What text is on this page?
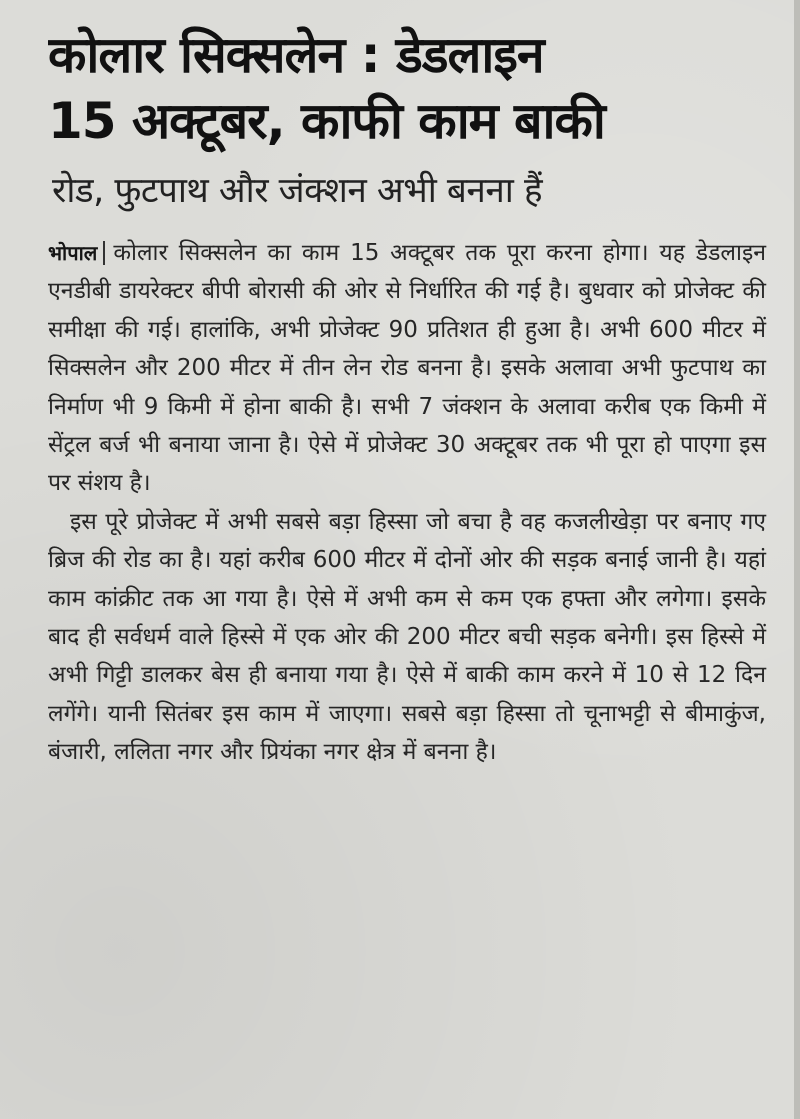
कोलार सिक्सलेन : डेडलाइन
15 अक्टूबर, काफी काम बाकी
रोड, फुटपाथ और जंक्शन अभी बनना हैं

भोपाल कोलार सिक्सलेन का काम 15 अक्टूबर तक पूरा करना होगा। यह डेडलाइन एनडीबी डायरेक्टर बीपी बोरासी की ओर से निर्धारित की गई है। बुधवार को प्रोजेक्ट की समीक्षा की गई। हालांकि, अभी प्रोजेक्ट 90 प्रतिशत ही हुआ है। अभी 600 मीटर में सिक्सलेन और 200 मीटर में तीन लेन रोड बनना है। इसके अलावा अभी फुटपाथ का निर्माण भी 9 किमी में होना बाकी है। सभी 7 जंक्शन के अलावा करीब एक किमी में सेंट्रल बर्ज भी बनाया जाना है। ऐसे में प्रोजेक्ट 30 अक्टूबर तक भी पूरा हो पाएगा इस पर संशय है।

इस पूरे प्रोजेक्ट में अभी सबसे बड़ा हिस्सा जो बचा है वह कजलीखेड़ा पर बनाए गए ब्रिज की रोड का है। यहां करीब 600 मीटर में दोनों ओर की सड़क बनाई जानी है। यहां काम कांक्रीट तक आ गया है। ऐसे में अभी कम से कम एक हफ्ता और लगेगा। इसके बाद ही सर्वधर्म वाले हिस्से में एक ओर की 200 मीटर बची सड़क बनेगी। इस हिस्से में अभी गिट्टी डालकर बेस ही बनाया गया है। ऐसे में बाकी काम करने में 10 से 12 दिन लगेंगे। यानी सितंबर इस काम में जाएगा। सबसे बड़ा हिस्सा तो चूनाभट्टी से बीमाकुंज, बंजारी, ललिता नगर और प्रियंका नगर क्षेत्र में बनना है।
